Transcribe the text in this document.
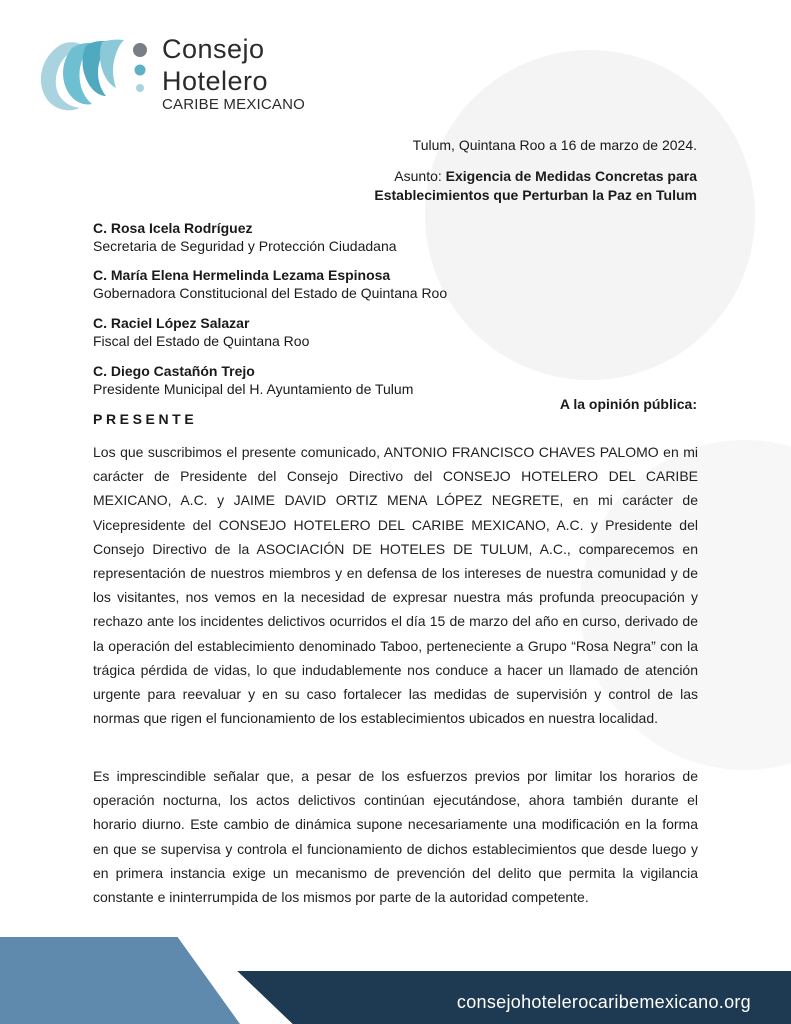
Consejo
Hotelero
CARIBE MEXICANO
Tulum, Quintana Roo a 16 de marzo de 2024.
Asunto: Exigencia de Medidas Concretas para
Establecimientos que Perturban la Paz en Tulum
C. Rosa Icela Rodríguez
Secretaria de Seguridad y Protección Ciudadana
C. María Elena Hermelinda Lezama Espinosa
Gobernadora Constitucional del Estado de Quintana Roo
C. Raciel López Salazar
Fiscal del Estado de Quintana Roo
C. Diego Castañón Trejo
Presidente Municipal del H. Ayuntamiento de Tulum
A la opinión pública:
PRESENTE

Los que suscribimos el presente comunicado, ANTONIO FRANCISCO CHAVES PALOMO en mi carácter de Presidente del Consejo Directivo del CONSEJO HOTELERO DEL CARIBE MEXICANO, A.C. y JAIME DAVID ORTIZ MENA LÓPEZ NEGRETE, en mi carácter de Vicepresidente del CONSEJO HOTELERO DEL CARIBE MEXICANO, A.C. y Presidente del Consejo Directivo de la ASOCIACIÓN DE HOTELES DE TULUM, A.C., comparecemos en representación de nuestros miembros y en defensa de los intereses de nuestra comunidad y de los visitantes, nos vemos en la necesidad de expresar nuestra más profunda preocupación y rechazo ante los incidentes delictivos ocurridos el día 15 de marzo del año en curso, derivado de la operación del establecimiento denominado Taboo, perteneciente a Grupo “Rosa Negra” con la trágica pérdida de vidas, lo que indudablemente nos conduce a hacer un llamado de atención urgente para reevaluar y en su caso fortalecer las medidas de supervisión y control de las normas que rigen el funcionamiento de los establecimientos ubicados en nuestra localidad.

Es imprescindible señalar que, a pesar de los esfuerzos previos por limitar los horarios de operación nocturna, los actos delictivos continúan ejecutándose, ahora también durante el horario diurno. Este cambio de dinámica supone necesariamente una modificación en la forma en que se supervisa y controla el funcionamiento de dichos establecimientos que desde luego y en primera instancia exige un mecanismo de prevención del delito que permita la vigilancia constante e ininterrumpida de los mismos por parte de la autoridad competente.

consejohotelerocaribemexicano.org
